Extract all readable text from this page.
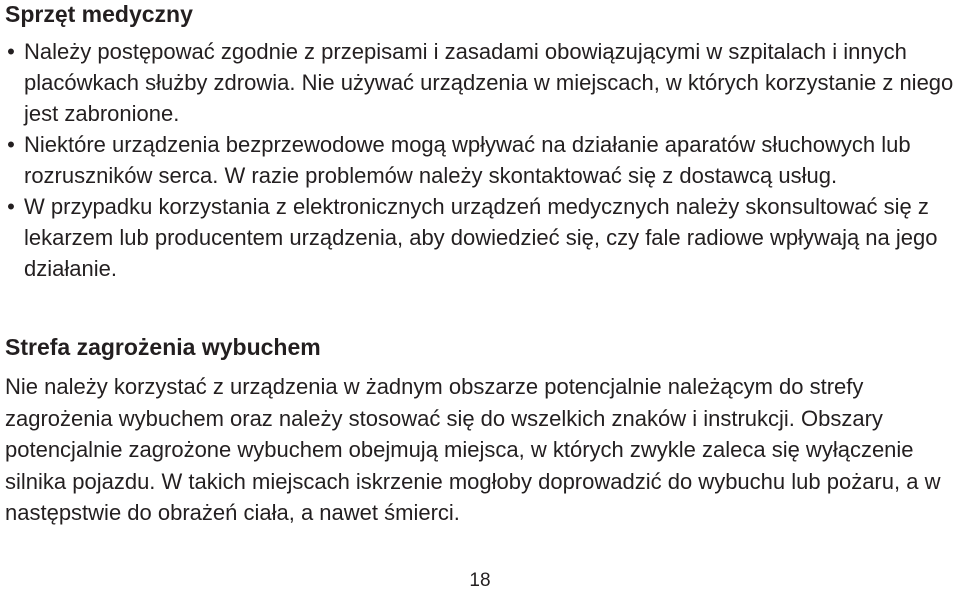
Sprzęt medyczny
• Należy postępować zgodnie z przepisami i zasadami obowiązującymi w szpitalach i innych placówkach służby zdrowia. Nie używać urządzenia w miejscach, w których korzystanie z niego jest zabronione.
• Niektóre urządzenia bezprzewodowe mogą wpływać na działanie aparatów słuchowych lub rozruszników serca. W razie problemów należy skontaktować się z dostawcą usług.
• W przypadku korzystania z elektronicznych urządzeń medycznych należy skonsultować się z lekarzem lub producentem urządzenia, aby dowiedzieć się, czy fale radiowe wpływają na jego działanie.
Strefa zagrożenia wybuchem

Nie należy korzystać z urządzenia w żadnym obszarze potencjalnie należącym do strefy zagrożenia wybuchem oraz należy stosować się do wszelkich znaków i instrukcji. Obszary potencjalnie zagrożone wybuchem obejmują miejsca, w których zwykle zaleca się wyłączenie silnika pojazdu. W takich miejscach iskrzenie mogłoby doprowadzić do wybuchu lub pożaru, a w następstwie do obrażeń ciała, a nawet śmierci.

18
